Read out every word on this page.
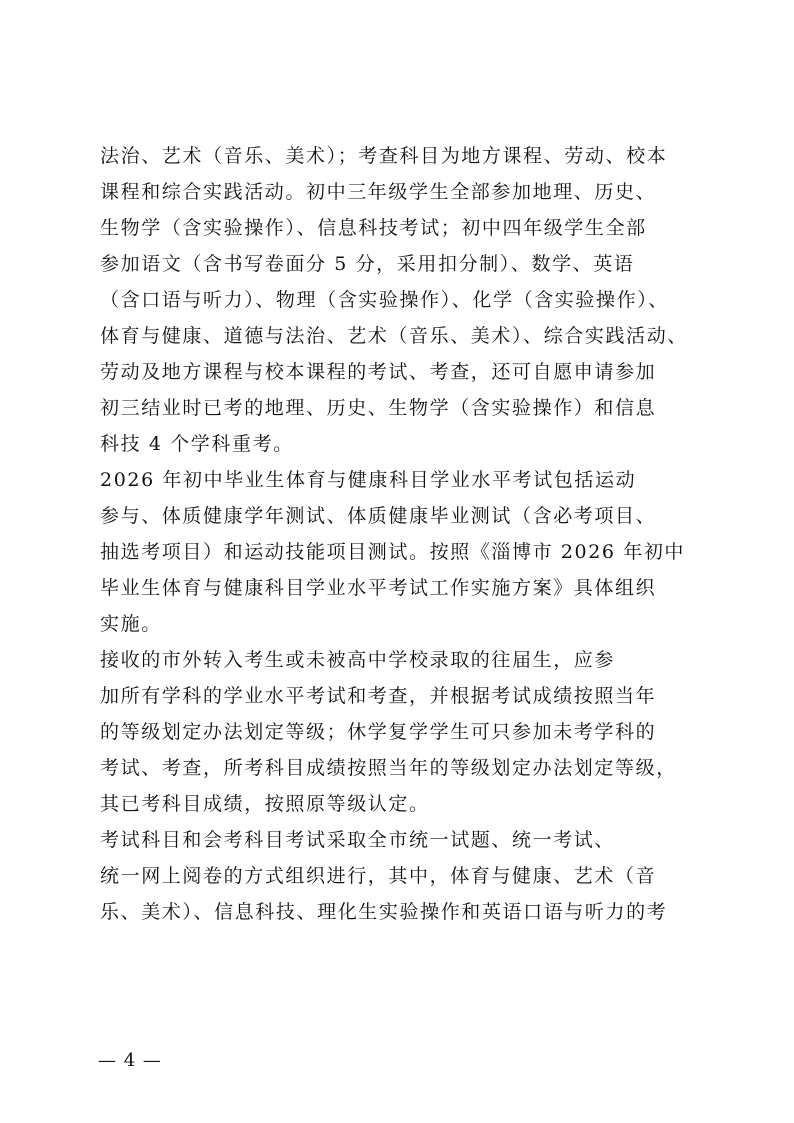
法治、艺术（音乐、美术）；考查科目为地方课程、劳动、校本
课程和综合实践活动。初中三年级学生全部参加地理、历史、
生物学（含实验操作）、信息科技考试；初中四年级学生全部
参加语文（含书写卷面分 5 分，采用扣分制）、数学、英语
（含口语与听力）、物理（含实验操作）、化学（含实验操作）、
体育与健康、道德与法治、艺术（音乐、美术）、综合实践活动、
劳动及地方课程与校本课程的考试、考查，还可自愿申请参加
初三结业时已考的地理、历史、生物学（含实验操作）和信息
科技 4 个学科重考。
2026 年初中毕业生体育与健康科目学业水平考试包括运动
参与、体质健康学年测试、体质健康毕业测试（含必考项目、
抽选考项目）和运动技能项目测试。按照《淄博市 2026 年初中
毕业生体育与健康科目学业水平考试工作实施方案》具体组织
实施。
接收的市外转入考生或未被高中学校录取的往届生，应参
加所有学科的学业水平考试和考查，并根据考试成绩按照当年
的等级划定办法划定等级；休学复学学生可只参加未考学科的
考试、考查，所考科目成绩按照当年的等级划定办法划定等级，
其已考科目成绩，按照原等级认定。
考试科目和会考科目考试采取全市统一试题、统一考试、
统一网上阅卷的方式组织进行，其中，体育与健康、艺术（音
乐、美术）、信息科技、理化生实验操作和英语口语与听力的考
— 4 —
